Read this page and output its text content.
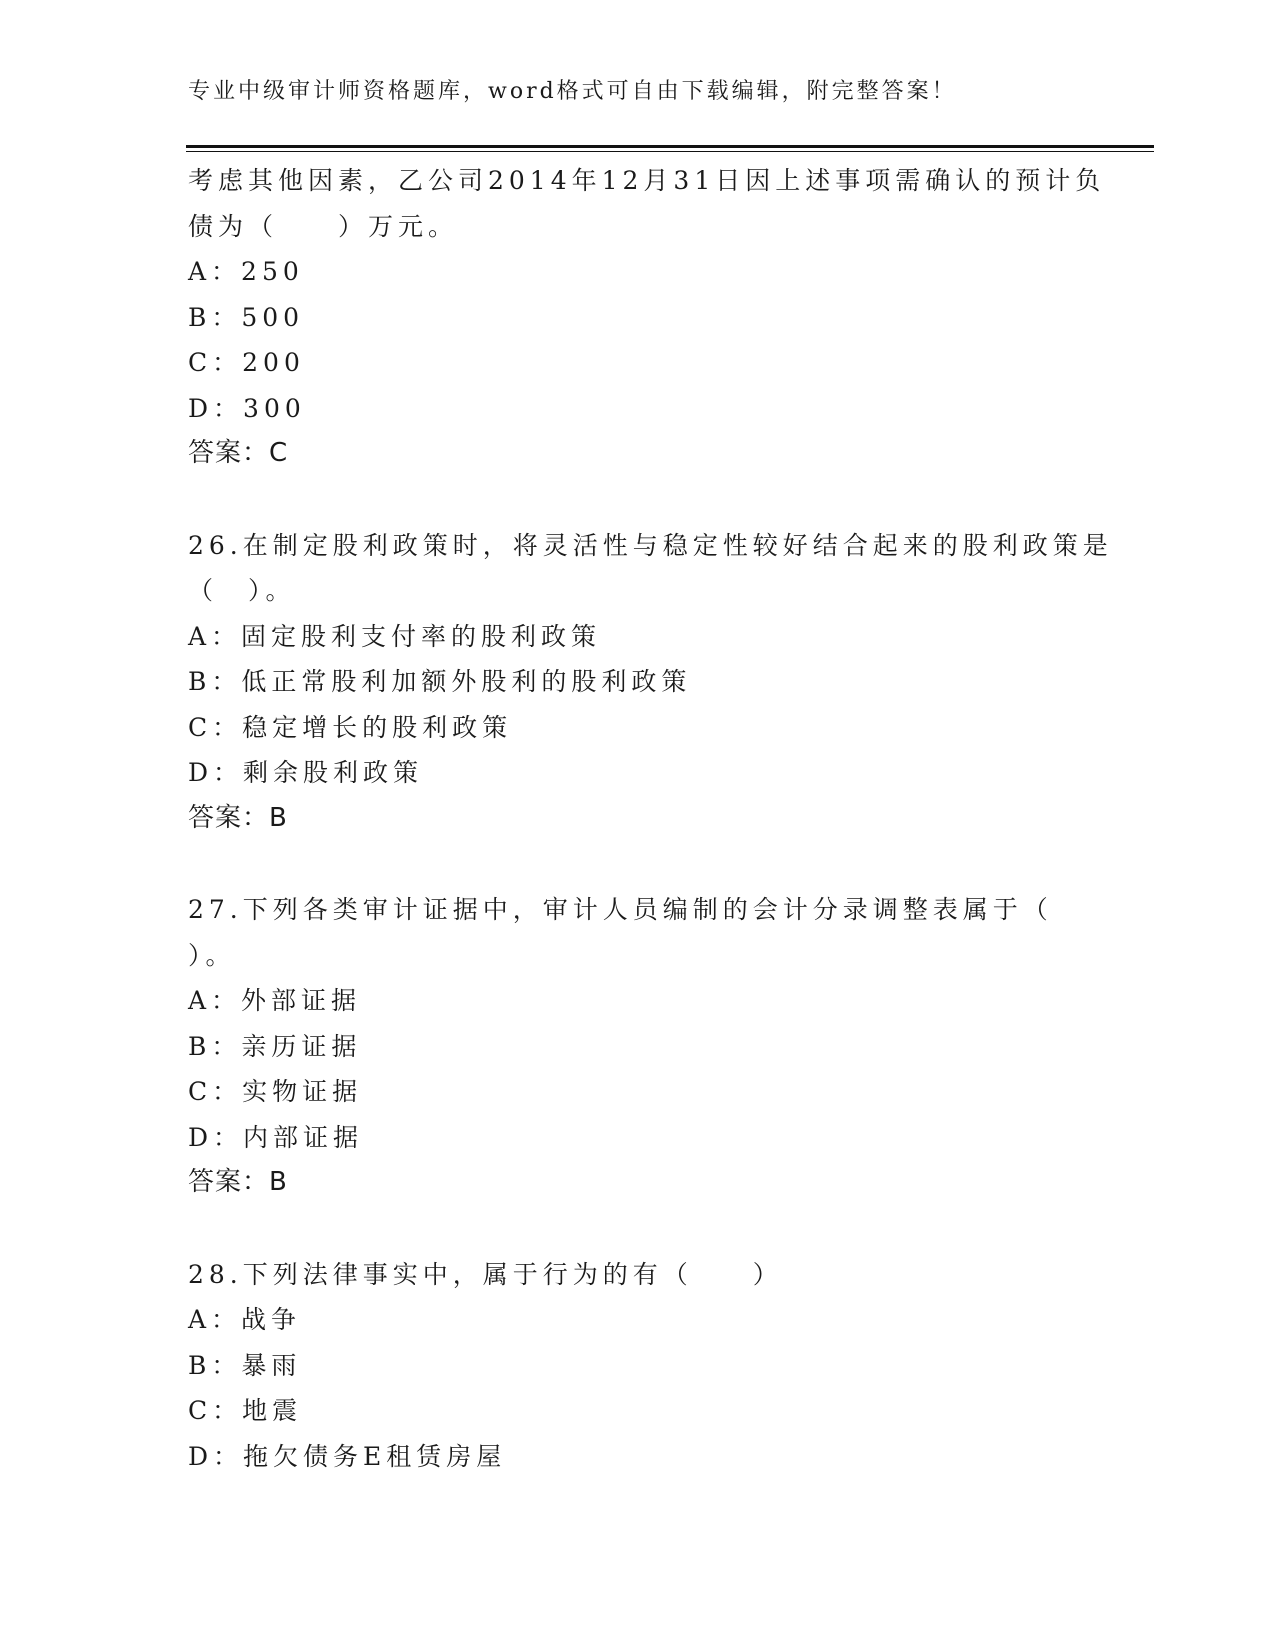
专业中级审计师资格题库，word格式可自由下载编辑，附完整答案！
考虑其他因素，乙公司2014年12月31日因上述事项需确认的预计负
债为（　　）万元。
A：250
B：500
C：200
D：300
答案：C
26.在制定股利政策时，将灵活性与稳定性较好结合起来的股利政策是
（　）。
A：固定股利支付率的股利政策
B：低正常股利加额外股利的股利政策
C：稳定增长的股利政策
D：剩余股利政策
答案：B
27.下列各类审计证据中，审计人员编制的会计分录调整表属于（
）。
A：外部证据
B：亲历证据
C：实物证据
D：内部证据
答案：B
28.下列法律事实中，属于行为的有（　　）
A：战争
B：暴雨
C：地震
D：拖欠债务E租赁房屋
